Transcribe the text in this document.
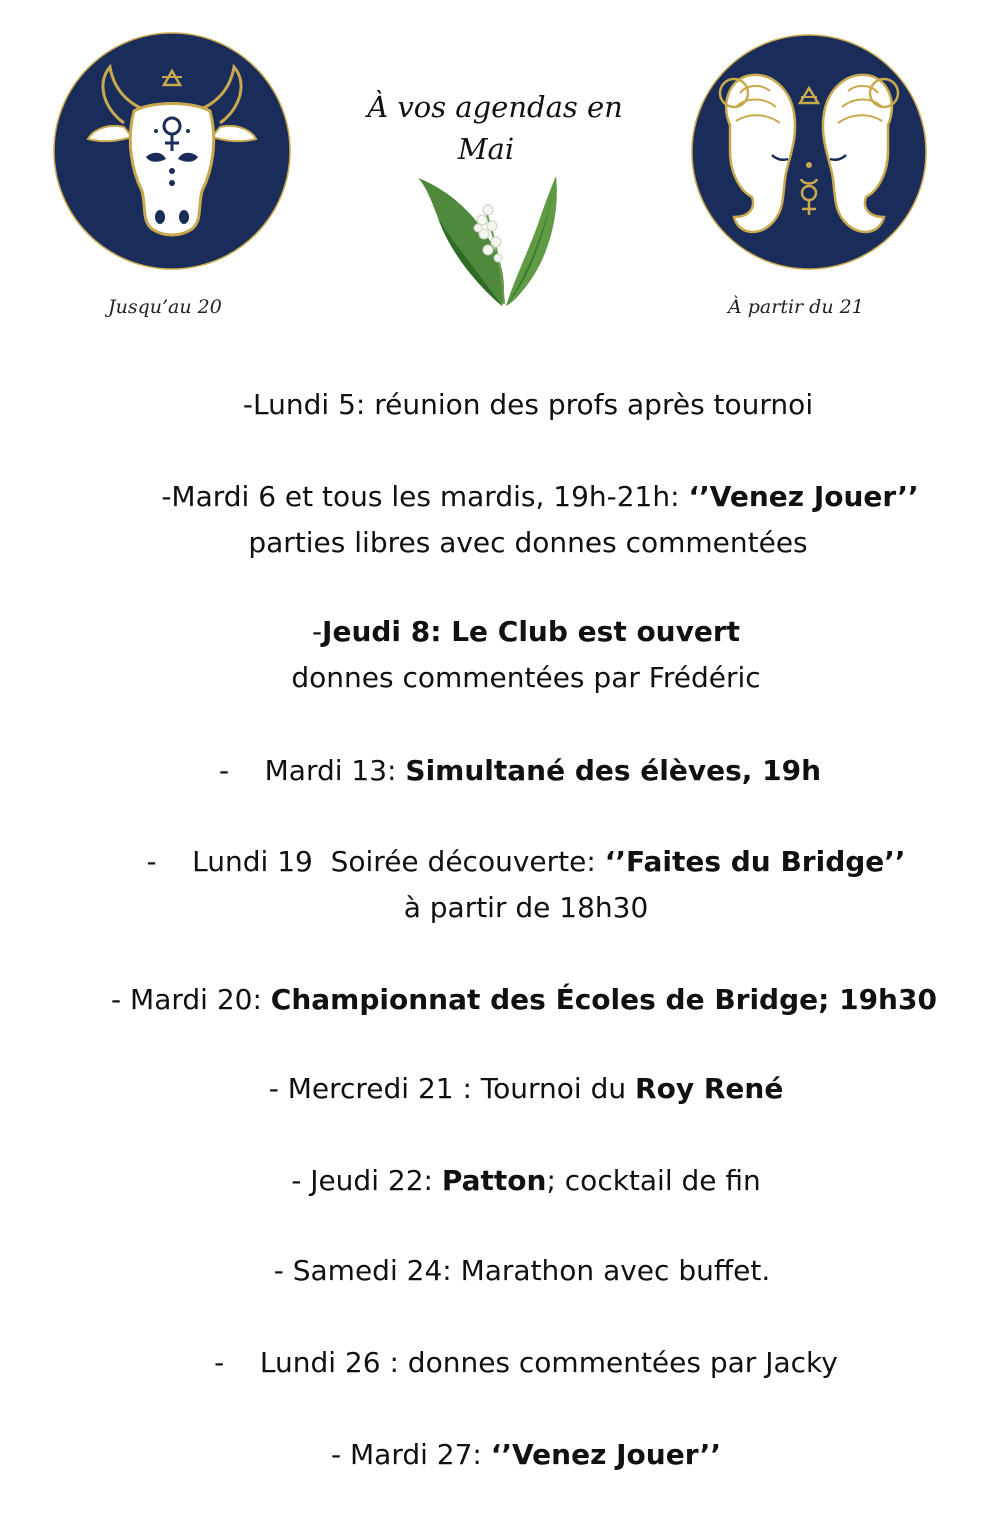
Jusqu’au 20
À vos agendas en
Mai
À partir du 21
-Lundi 5: réunion des profs après tournoi
-Mardi 6 et tous les mardis, 19h-21h: ‘’Venez Jouer’’
parties libres avec donnes commentées
-Jeudi 8: Le Club est ouvert
donnes commentées par Frédéric
-    Mardi 13: Simultané des élèves, 19h
-    Lundi 19  Soirée découverte: ‘’Faites du Bridge’’
à partir de 18h30
- Mardi 20: Championnat des Écoles de Bridge; 19h30
- Mercredi 21 : Tournoi du Roy René
- Jeudi 22: Patton; cocktail de fin
- Samedi 24: Marathon avec buffet.
-    Lundi 26 : donnes commentées par Jacky
- Mardi 27: ‘’Venez Jouer’’
